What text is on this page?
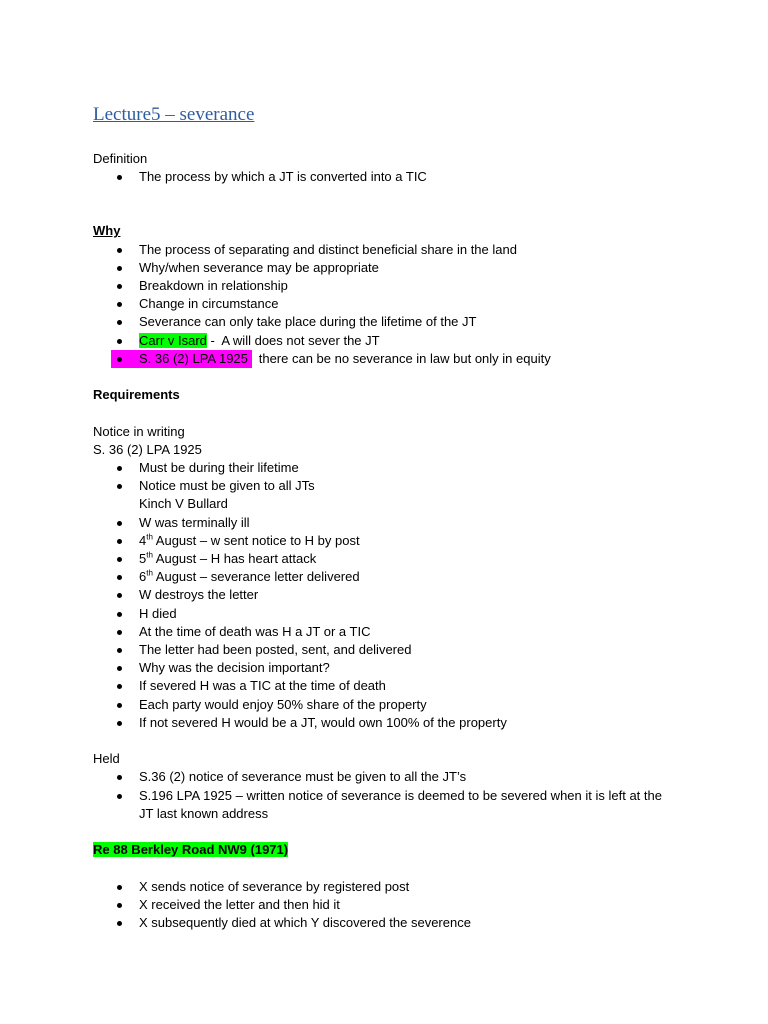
Lecture5 – severance
Definition
The process by which a JT is converted into a TIC
Why
The process of separating and distinct beneficial share in the land
Why/when severance may be appropriate
Breakdown in relationship
Change in circumstance
Severance can only take place during the lifetime of the JT
Carr v Isard -  A will does not sever the JT
S. 36 (2) LPA 1925   there can be no severance in law but only in equity
Requirements
Notice in writing
S. 36 (2) LPA 1925
Must be during their lifetime
Notice must be given to all JTs
Kinch V Bullard
W was terminally ill
4th August – w sent notice to H by post
5th August – H has heart attack
6th August – severance letter delivered
W destroys the letter
H died
At the time of death was H a JT or a TIC
The letter had been posted, sent, and delivered
Why was the decision important?
If severed H was a TIC at the time of death
Each party would enjoy 50% share of the property
If not severed H would be a JT, would own 100% of the property
Held
S.36 (2) notice of severance must be given to all the JT’s
S.196 LPA 1925 – written notice of severance is deemed to be severed when it is left at the JT last known address
Re 88 Berkley Road NW9 (1971)
X sends notice of severance by registered post
X received the letter and then hid it
X subsequently died at which Y discovered the severence
